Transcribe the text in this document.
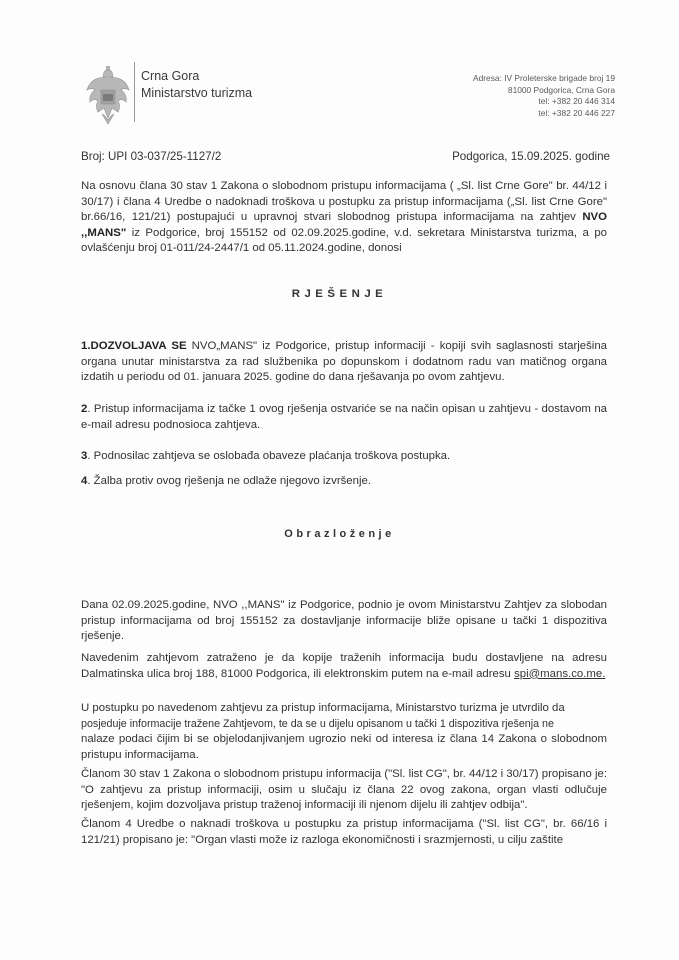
Crna Gora
Ministarstvo turizma
Adresa: IV Proleterske brigade broj 19
81000 Podgorica, Crna Gora
tel: +382 20 446 314
tel: +382 20 446 227
Broj: UPI 03-037/25-1127/2	Podgorica, 15.09.2025. godine
Na osnovu člana 30 stav 1 Zakona o slobodnom pristupu informacijama ( „Sl. list Crne Gore" br. 44/12 i 30/17) i člana 4 Uredbe o nadoknadi troškova u postupku za pristup informacijama („Sl. list Crne Gore" br.66/16, 121/21) postupajući u upravnoj stvari slobodnog pristupa informacijama na zahtjev NVO ,,MANS" iz Podgorice, broj 155152 od 02.09.2025.godine, v.d. sekretara Ministarstva turizma, a po ovlašćenju broj 01-011/24-2447/1 od 05.11.2024.godine, donosi
RJEŠENJE
1.DOZVOLJAVA SE NVO„MANS" iz Podgorice, pristup informaciji - kopiji svih saglasnosti starješina organa unutar ministarstva za rad službenika po dopunskom i dodatnom radu van matičnog organa izdatih u periodu od 01. januara 2025. godine do dana rješavanja po ovom zahtjevu.
2. Pristup informacijama iz tačke 1 ovog rješenja ostvariće se na način opisan u zahtjevu - dostavom na e-mail adresu podnosioca zahtjeva.
3. Podnosilac zahtjeva se oslobađa obaveze plaćanja troškova postupka.
4. Žalba protiv ovog rješenja ne odlaže njegovo izvršenje.
Obrazloženje
Dana 02.09.2025.godine, NVO ,,MANS" iz Podgorice, podnio je ovom Ministarstvu Zahtjev za slobodan pristup informacijama od broj 155152 za dostavljanje informacije bliže opisane u tački 1 dispozitiva rješenje.
Navedenim zahtjevom zatraženo je da kopije traženih informacija budu dostavljene na adresu Dalmatinska ulica broj 188, 81000 Podgorica, ili elektronskim putem na e-mail adresu spi@mans.co.me.
U postupku po navedenom zahtjevu za pristup informacijama, Ministarstvo turizma je utvrdilo da
posjeduje informacije tražene Zahtjevom, te da se u dijelu opisanom u tački 1 dispozitiva rješenja ne
nalaze podaci čijim bi se objelodanjivanjem ugrozio neki od interesa iz člana 14 Zakona o slobodnom pristupu informacijama.
Članom 30 stav 1 Zakona o slobodnom pristupu informacija ("Sl. list CG", br. 44/12 i 30/17) propisano je: "O zahtjevu za pristup informaciji, osim u slučaju iz člana 22 ovog zakona, organ vlasti odlučuje rješenjem, kojim dozvoljava pristup traženoj informaciji ili njenom dijelu ili zahtjev odbija".
Članom 4 Uredbe o naknadi troškova u postupku za pristup informacijama ("Sl. list CG", br. 66/16 i 121/21) propisano je: "Organ vlasti može iz razloga ekonomičnosti i srazmjernosti, u cilju zaštite
